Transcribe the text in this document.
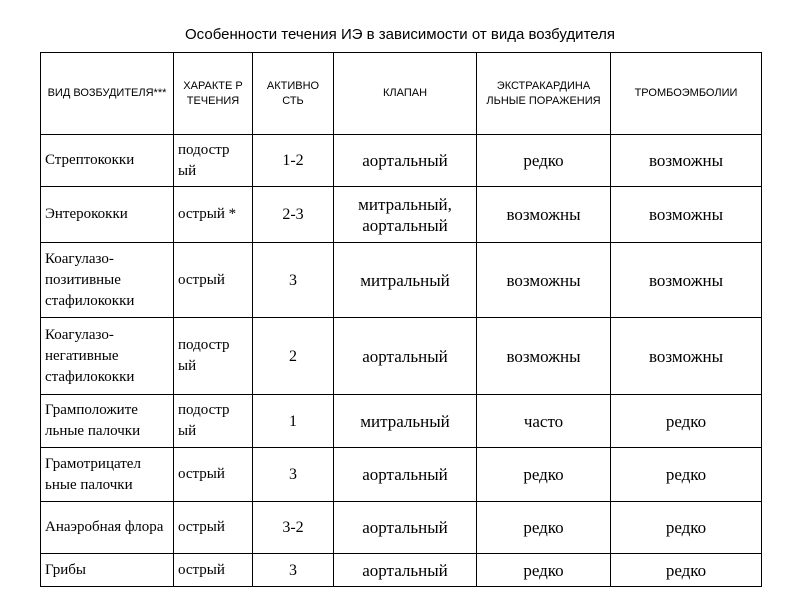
Особенности течения ИЭ в зависимости от вида возбудителя
ВИД ВОЗБУДИТЕЛЯ***	ХАРАКТЕ Р ТЕЧЕНИЯ	АКТИВНО СТЬ	КЛАПАН	ЭКСТРАКАРДИНА ЛЬНЫЕ ПОРАЖЕНИЯ	ТРОМБОЭМБОЛИИ
Стрептококки	подостр ый	1-2	аортальный	редко	возможны
Энтерококки	острый *	2-3	митральный, аортальный	возможны	возможны
Коагулазо-позитивные стафилококки	острый	3	митральный	возможны	возможны
Коагулазо-негативные стафилококки	подостр ый	2	аортальный	возможны	возможны
Грамположите льные палочки	подостр ый	1	митральный	часто	редко
Грамотрицател ьные палочки	острый	3	аортальный	редко	редко
Анаэробная флора	острый	3-2	аортальный	редко	редко
Грибы	острый	3	аортальный	редко	редко
